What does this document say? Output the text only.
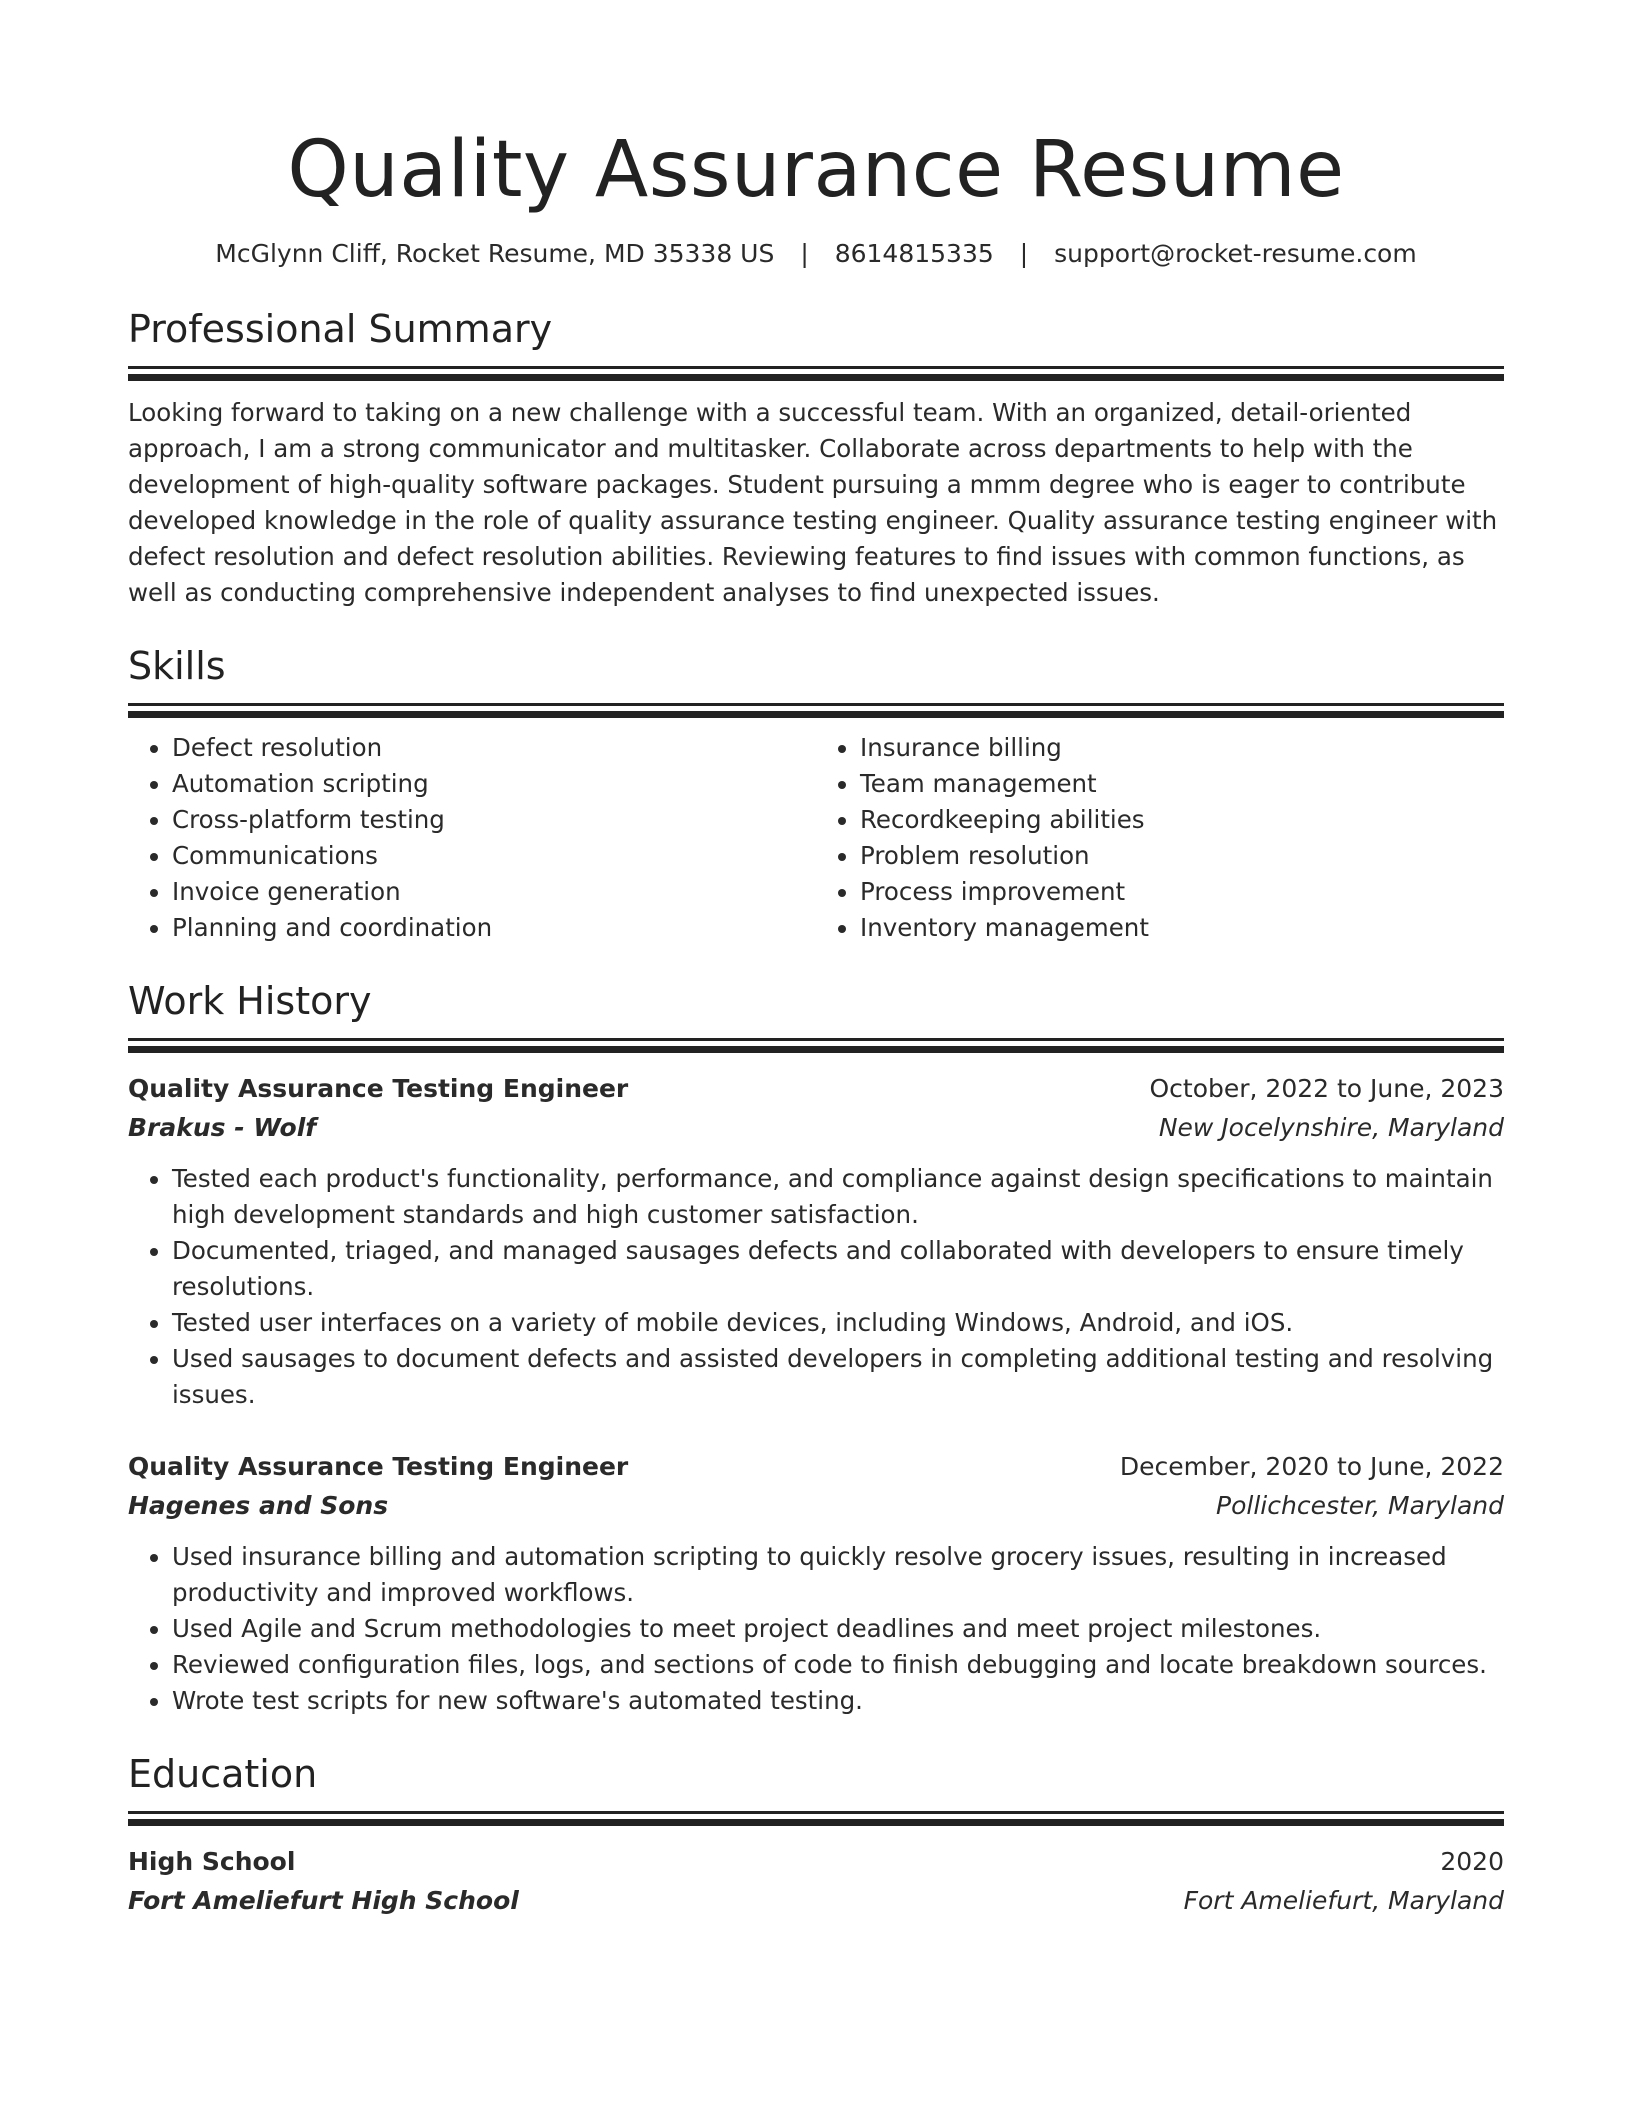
Quality Assurance Resume
McGlynn Cliff, Rocket Resume, MD 35338 US | 8614815335 | support@rocket-resume.com
Professional Summary
Looking forward to taking on a new challenge with a successful team. With an organized, detail-oriented approach, I am a strong communicator and multitasker. Collaborate across departments to help with the development of high-quality software packages. Student pursuing a mmm degree who is eager to contribute developed knowledge in the role of quality assurance testing engineer. Quality assurance testing engineer with defect resolution and defect resolution abilities. Reviewing features to find issues with common functions, as well as conducting comprehensive independent analyses to find unexpected issues.
Skills
• Defect resolution
• Automation scripting
• Cross-platform testing
• Communications
• Invoice generation
• Planning and coordination
• Insurance billing
• Team management
• Recordkeeping abilities
• Problem resolution
• Process improvement
• Inventory management
Work History
Quality Assurance Testing Engineer	October, 2022 to June, 2023
Brakus - Wolf	New Jocelynshire, Maryland
• Tested each product's functionality, performance, and compliance against design specifications to maintain high development standards and high customer satisfaction.
• Documented, triaged, and managed sausages defects and collaborated with developers to ensure timely resolutions.
• Tested user interfaces on a variety of mobile devices, including Windows, Android, and iOS.
• Used sausages to document defects and assisted developers in completing additional testing and resolving issues.
Quality Assurance Testing Engineer	December, 2020 to June, 2022
Hagenes and Sons	Pollichcester, Maryland
• Used insurance billing and automation scripting to quickly resolve grocery issues, resulting in increased productivity and improved workflows.
• Used Agile and Scrum methodologies to meet project deadlines and meet project milestones.
• Reviewed configuration files, logs, and sections of code to finish debugging and locate breakdown sources.
• Wrote test scripts for new software's automated testing.
Education
High School	2020
Fort Ameliefurt High School	Fort Ameliefurt, Maryland
